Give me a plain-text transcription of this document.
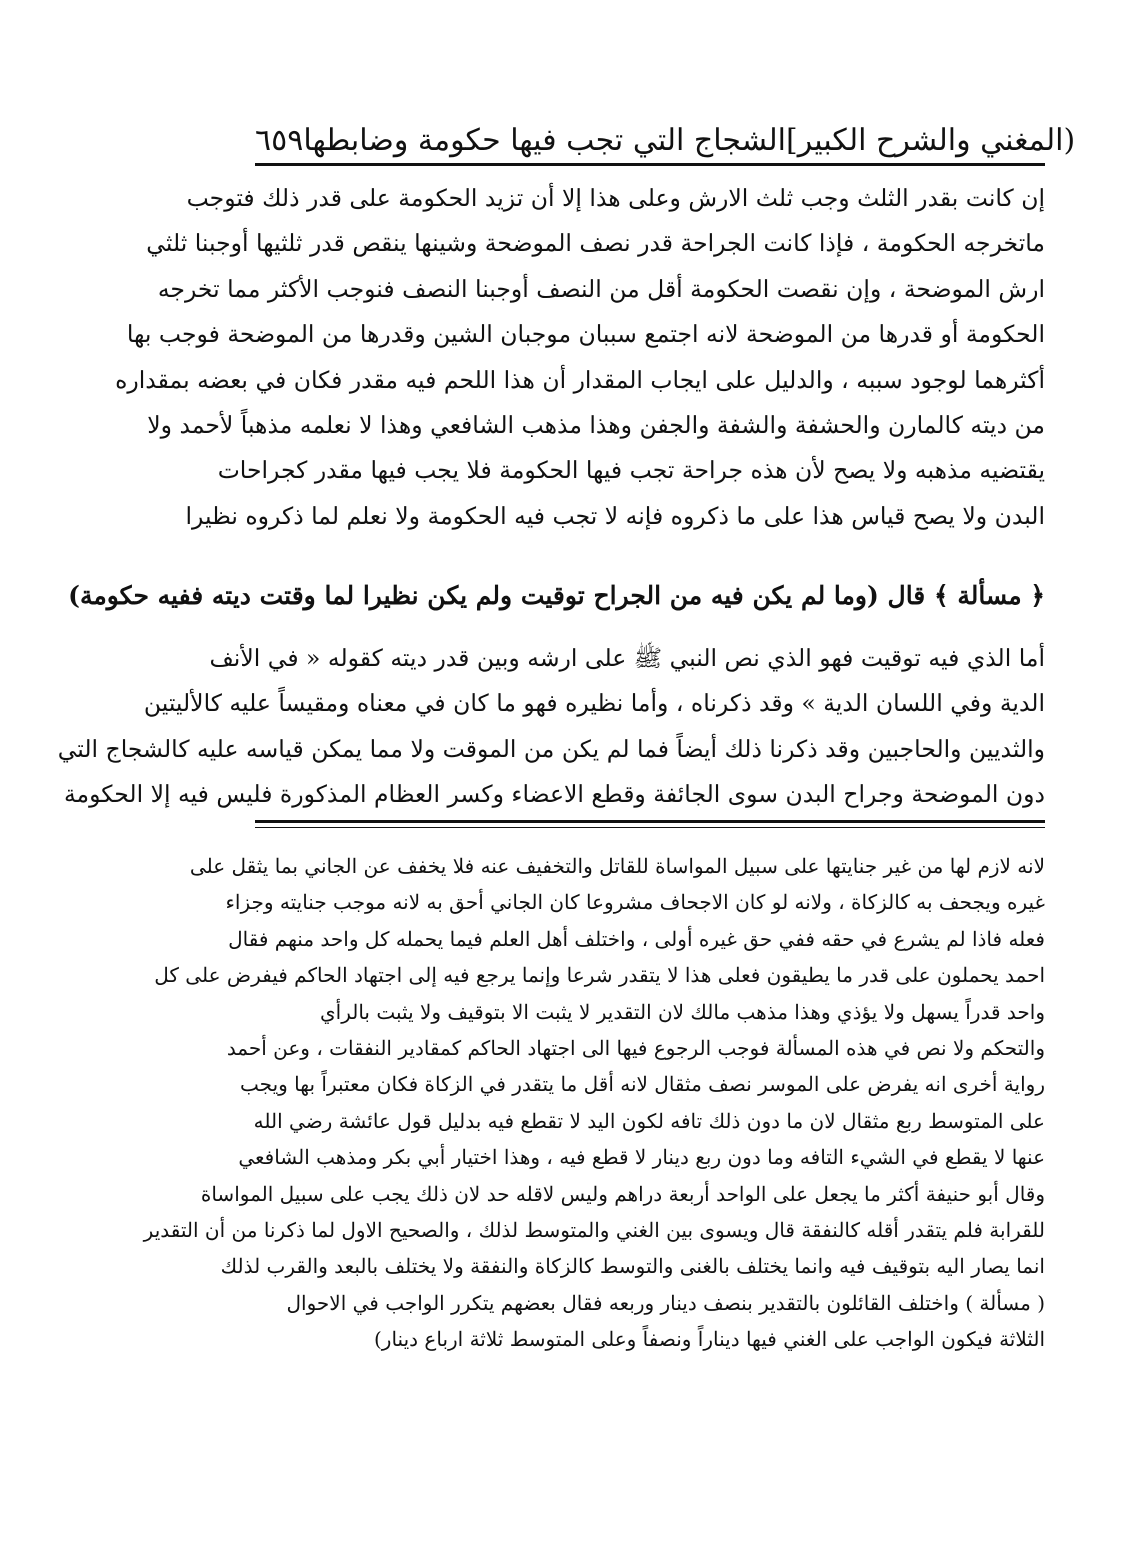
٦٥٩ الشجاج التي تجب فيها حكومة وضابطها [المغني والشرح الكبير)
إن كانت بقدر الثلث وجب ثلث الارش وعلى هذا إلا أن تزيد الحكومة على قدر ذلك فتوجب
ماتخرجه الحكومة ، فإذا كانت الجراحة قدر نصف الموضحة وشينها ينقص قدر ثلثيها أوجبنا ثلثي
ارش الموضحة ، وإن نقصت الحكومة أقل من النصف أوجبنا النصف فنوجب الأكثر مما تخرجه
الحكومة أو قدرها من الموضحة لانه اجتمع سببان موجبان الشين وقدرها من الموضحة فوجب بها
أكثرهما لوجود سببه ، والدليل على ايجاب المقدار أن هذا اللحم فيه مقدر فكان في بعضه بمقداره
من ديته كالمارن والحشفة والشفة والجفن وهذا مذهب الشافعي وهذا لا نعلمه مذهباً لأحمد ولا
يقتضيه مذهبه ولا يصح لأن هذه جراحة تجب فيها الحكومة فلا يجب فيها مقدر كجراحات
البدن ولا يصح قياس هذا على ما ذكروه فإنه لا تجب فيه الحكومة ولا نعلم لما ذكروه نظيرا
﴿ مسألة ﴾ قال (وما لم يكن فيه من الجراح توقيت ولم يكن نظيرا لما وقتت ديته ففيه حكومة)
أما الذي فيه توقيت فهو الذي نص النبي ﷺ على ارشه وبين قدر ديته كقوله « في الأنف
الدية وفي اللسان الدية » وقد ذكرناه ، وأما نظيره فهو ما كان في معناه ومقيساً عليه كالأليتين
والثديين والحاجبين وقد ذكرنا ذلك أيضاً فما لم يكن من الموقت ولا مما يمكن قياسه عليه كالشجاج التي
دون الموضحة وجراح البدن سوى الجائفة وقطع الاعضاء وكسر العظام المذكورة فليس فيه إلا الحكومة
لانه لازم لها من غير جنايتها على سبيل المواساة للقاتل والتخفيف عنه فلا يخفف عن الجاني بما يثقل على
غيره ويجحف به كالزكاة ، ولانه لو كان الاجحاف مشروعا كان الجاني أحق به لانه موجب جنايته وجزاء
فعله فاذا لم يشرع في حقه ففي حق غيره أولى ، واختلف أهل العلم فيما يحمله كل واحد منهم فقال
احمد يحملون على قدر ما يطيقون فعلى هذا لا يتقدر شرعا وإنما يرجع فيه إلى اجتهاد الحاكم فيفرض على كل
واحد قدراً يسهل ولا يؤذي وهذا مذهب مالك لان التقدير لا يثبت الا بتوقيف ولا يثبت بالرأي
والتحكم ولا نص في هذه المسألة فوجب الرجوع فيها الى اجتهاد الحاكم كمقادير النفقات ، وعن أحمد
رواية أخرى انه يفرض على الموسر نصف مثقال لانه أقل ما يتقدر في الزكاة فكان معتبراً بها ويجب
على المتوسط ربع مثقال لان ما دون ذلك تافه لكون اليد لا تقطع فيه بدليل قول عائشة رضي الله
عنها لا يقطع في الشيء التافه وما دون ربع دينار لا قطع فيه ، وهذا اختيار أبي بكر ومذهب الشافعي
وقال أبو حنيفة أكثر ما يجعل على الواحد أربعة دراهم وليس لاقله حد لان ذلك يجب على سبيل المواساة
للقرابة فلم يتقدر أقله كالنفقة قال ويسوى بين الغني والمتوسط لذلك ، والصحيح الاول لما ذكرنا من أن التقدير
انما يصار اليه بتوقيف فيه وانما يختلف بالغنى والتوسط كالزكاة والنفقة ولا يختلف بالبعد والقرب لذلك
( مسألة ) واختلف القائلون بالتقدير بنصف دينار وربعه فقال بعضهم يتكرر الواجب في الاحوال
الثلاثة فيكون الواجب على الغني فيها ديناراً ونصفاً وعلى المتوسط ثلاثة ارباع دينار)
